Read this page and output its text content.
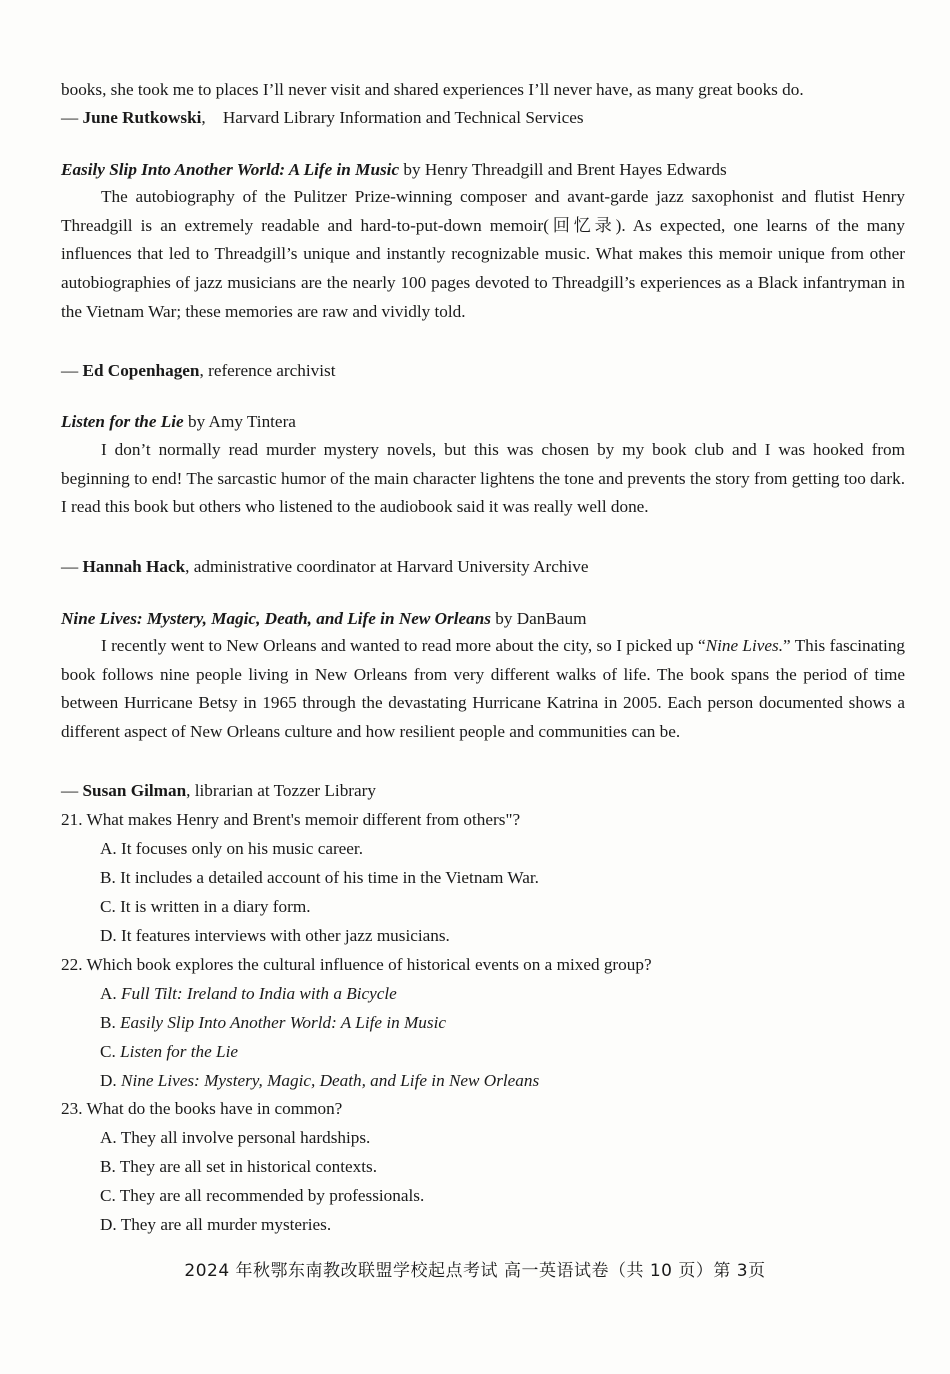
books, she took me to places I’ll never visit and shared experiences I’ll never have, as many great books do.
— June Rutkowski,    Harvard Library Information and Technical Services
Easily Slip Into Another World: A Life in Music by Henry Threadgill and Brent Hayes Edwards

The autobiography of the Pulitzer Prize-winning composer and avant-garde jazz saxophonist and flutist Henry Threadgill is an extremely readable and hard-to-put-down memoir(回忆录). As expected, one learns of the many influences that led to Threadgill’s unique and instantly recognizable music. What makes this memoir unique from other autobiographies of jazz musicians are the nearly 100 pages devoted to Threadgill’s experiences as a Black infantryman in the Vietnam War; these memories are raw and vividly told.

— Ed Copenhagen, reference archivist
Listen for the Lie by Amy Tintera

I don’t normally read murder mystery novels, but this was chosen by my book club and I was hooked from beginning to end! The sarcastic humor of the main character lightens the tone and prevents the story from getting too dark. I read this book but others who listened to the audiobook said it was really well done.

— Hannah Hack, administrative coordinator at Harvard University Archive
Nine Lives: Mystery, Magic, Death, and Life in New Orleans by DanBaum

I recently went to New Orleans and wanted to read more about the city, so I picked up “Nine Lives.” This fascinating book follows nine people living in New Orleans from very different walks of life. The book spans the period of time between Hurricane Betsy in 1965 through the devastating Hurricane Katrina in 2005. Each person documented shows a different aspect of New Orleans culture and how resilient people and communities can be.

— Susan Gilman, librarian at Tozzer Library
21. What makes Henry and Brent's memoir different from others"?
A. It focuses only on his music career.
B. It includes a detailed account of his time in the Vietnam War.
C. It is written in a diary form.
D. It features interviews with other jazz musicians.
22. Which book explores the cultural influence of historical events on a mixed group?
A. Full Tilt: Ireland to India with a Bicycle
B. Easily Slip Into Another World: A Life in Music
C. Listen for the Lie
D. Nine Lives: Mystery, Magic, Death, and Life in New Orleans
23. What do the books have in common?
A. They all involve personal hardships.
B. They are all set in historical contexts.
C. They are all recommended by professionals.
D. They are all murder mysteries.
2024 年秋鄂东南教改联盟学校起点考试 高一英语试卷（共 10 页）第 3页
